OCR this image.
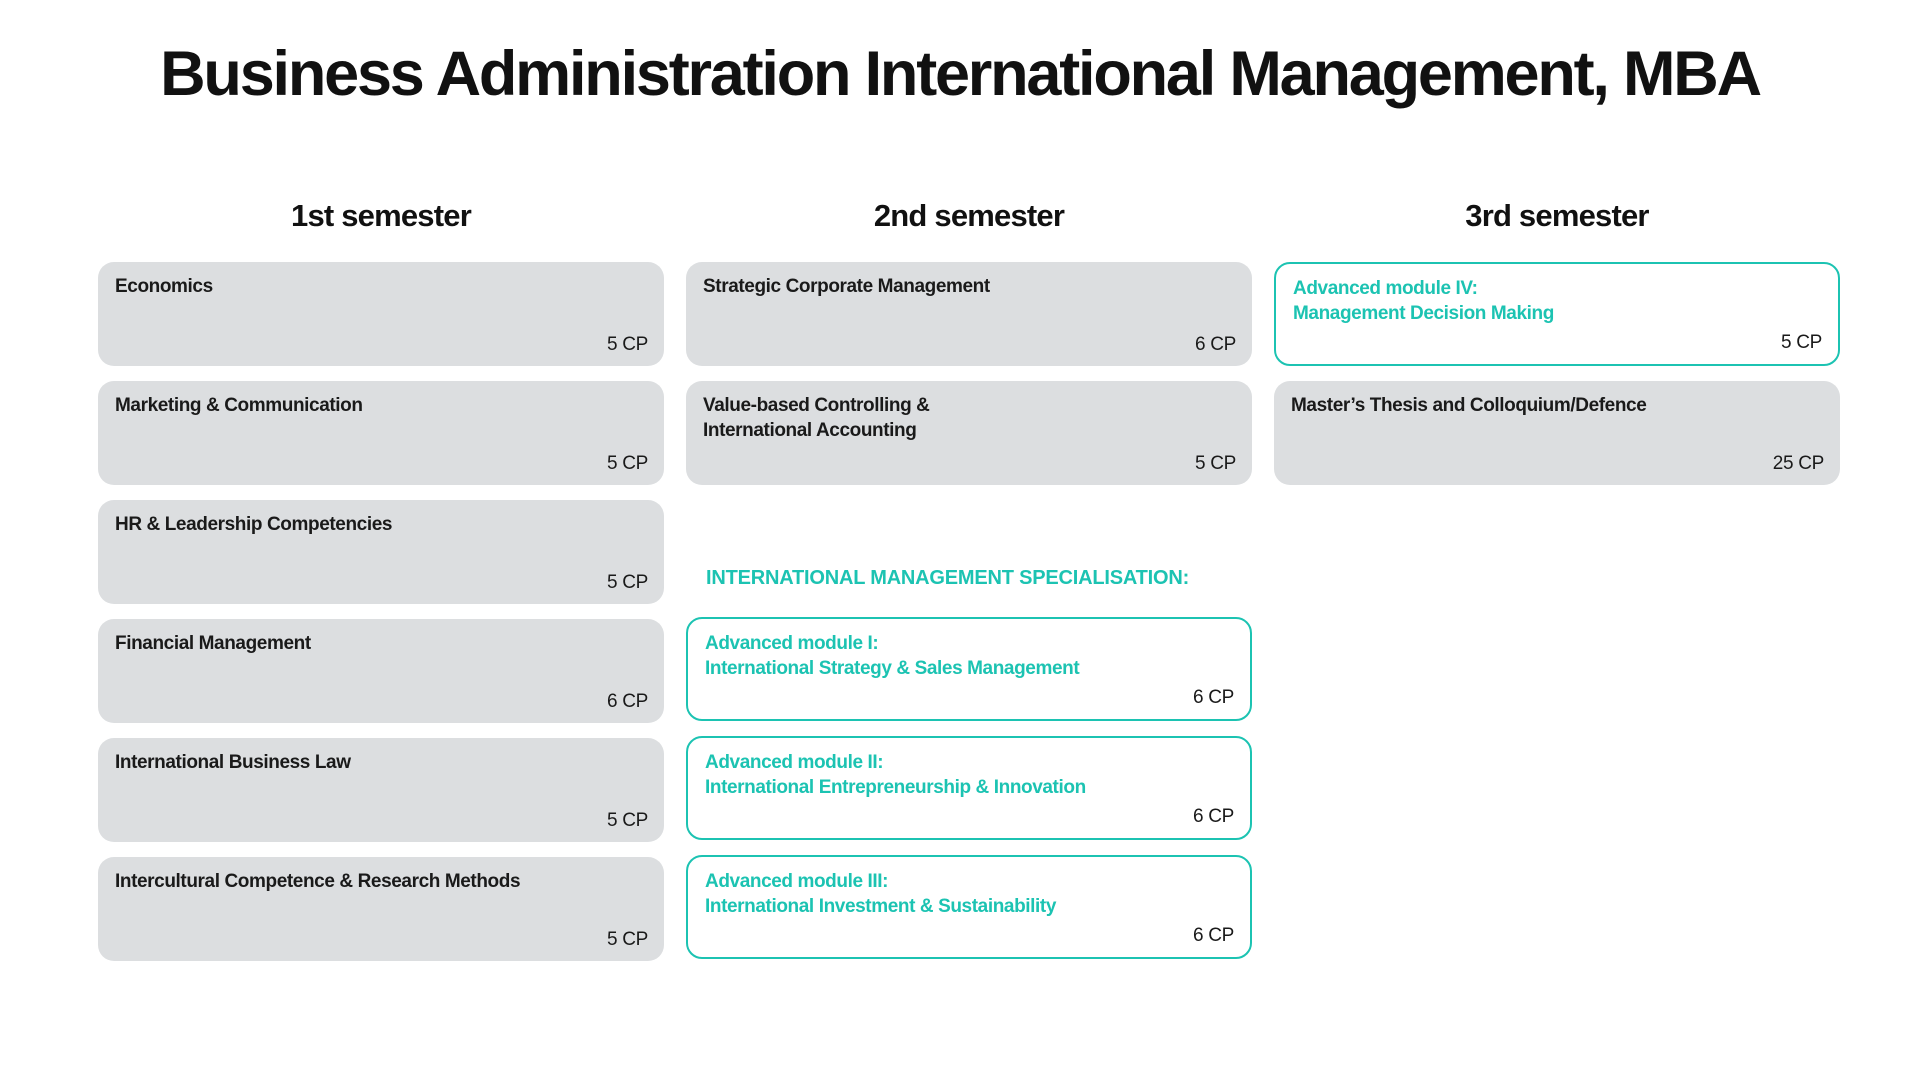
Business Administration International Management, MBA
1st semester
Economics
5 CP
Marketing & Communication
5 CP
HR & Leadership Competencies
5 CP
Financial Management
6 CP
International Business Law
5 CP
Intercultural Competence & Research Methods
5 CP
2nd semester
Strategic Corporate Management
6 CP
Value-based Controlling &
International Accounting
5 CP
INTERNATIONAL MANAGEMENT SPECIALISATION:
Advanced module I:
International Strategy & Sales Management
6 CP
Advanced module II:
International Entrepreneurship & Innovation
6 CP
Advanced module III:
International Investment & Sustainability
6 CP
3rd semester
Advanced module IV:
Management Decision Making
5 CP
Master’s Thesis and Colloquium/Defence
25 CP
